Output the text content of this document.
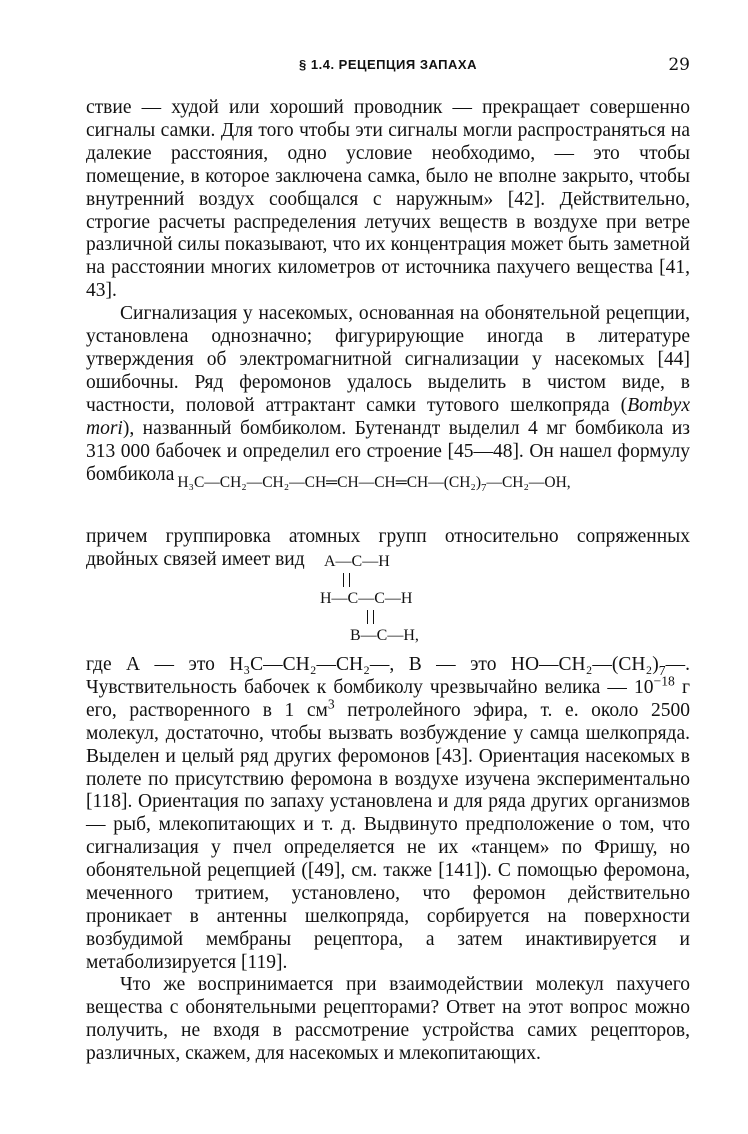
§ 1.4. РЕЦЕПЦИЯ ЗАПАХА	29

ствие — худой или хороший проводник — прекращает совершенно сигналы самки. Для того чтобы эти сигналы могли распространяться на далекие расстояния, одно условие необходимо, — это чтобы помещение, в которое заключена самка, было не вполне закрыто, чтобы внутренний воздух сообщался с наружным» [42]. Действительно, строгие расчеты распределения летучих веществ в воздухе при ветре различной силы показывают, что их концентрация может быть заметной на расстоянии многих километров от источника пахучего вещества [41, 43].

Сигнализация у насекомых, основанная на обонятельной рецепции, установлена однозначно; фигурирующие иногда в литературе утверждения об электромагнитной сигнализации у насекомых [44] ошибочны. Ряд феромонов удалось выделить в чистом виде, в частности, половой аттрактант самки тутового шелкопряда (Bombyx mori), названный бомбиколом. Бутенандт выделил 4 мг бомбикола из 313 000 бабочек и определил его строение [45—48]. Он нашел формулу бомбикола $H_3C—CH_2—CH_2—CH═CH—CH═CH—(CH_2)_7—CH_2—OH$,

причем группировка атомных групп относительно сопряженных двойных связей имеет вид	A—C—H
H—C—C—H
B—C—H,

где А — это H₃C—CH₂—CH₂—, В — это $HO—CH_2—(CH_2)_7—$. Чувствительность бабочек к бомбиколу чрезвычайно велика — $10^{-18}$ г его, растворенного в 1 $см^3$ петролейного эфира, т. е. около 2500 молекул, достаточно, чтобы вызвать возбуждение у самца шелкопряда. Выделен и целый ряд других феромонов [43]. Ориентация насекомых в полете по присутствию феромона в воздухе изучена экспериментально [118]. Ориентация по запаху установлена и для ряда других организмов — рыб, млекопитающих и т. д. Выдвинуто предположение о том, что сигнализация у пчел определяется не их «танцем» по Фришу, но обонятельной рецепцией ([49], см. также [141]). С помощью феромона, меченного тритием, установлено, что феромон действительно проникает в антенны шелкопряда, сорбируется на поверхности возбудимой мембраны рецептора, а затем инактивируется и метаболизируется [119].

Что же воспринимается при взаимодействии молекул пахучего вещества с обонятельными рецепторами? Ответ на этот вопрос можно получить, не входя в рассмотрение устройства самих рецепторов, различных, скажем, для насекомых и млекопитающих.
